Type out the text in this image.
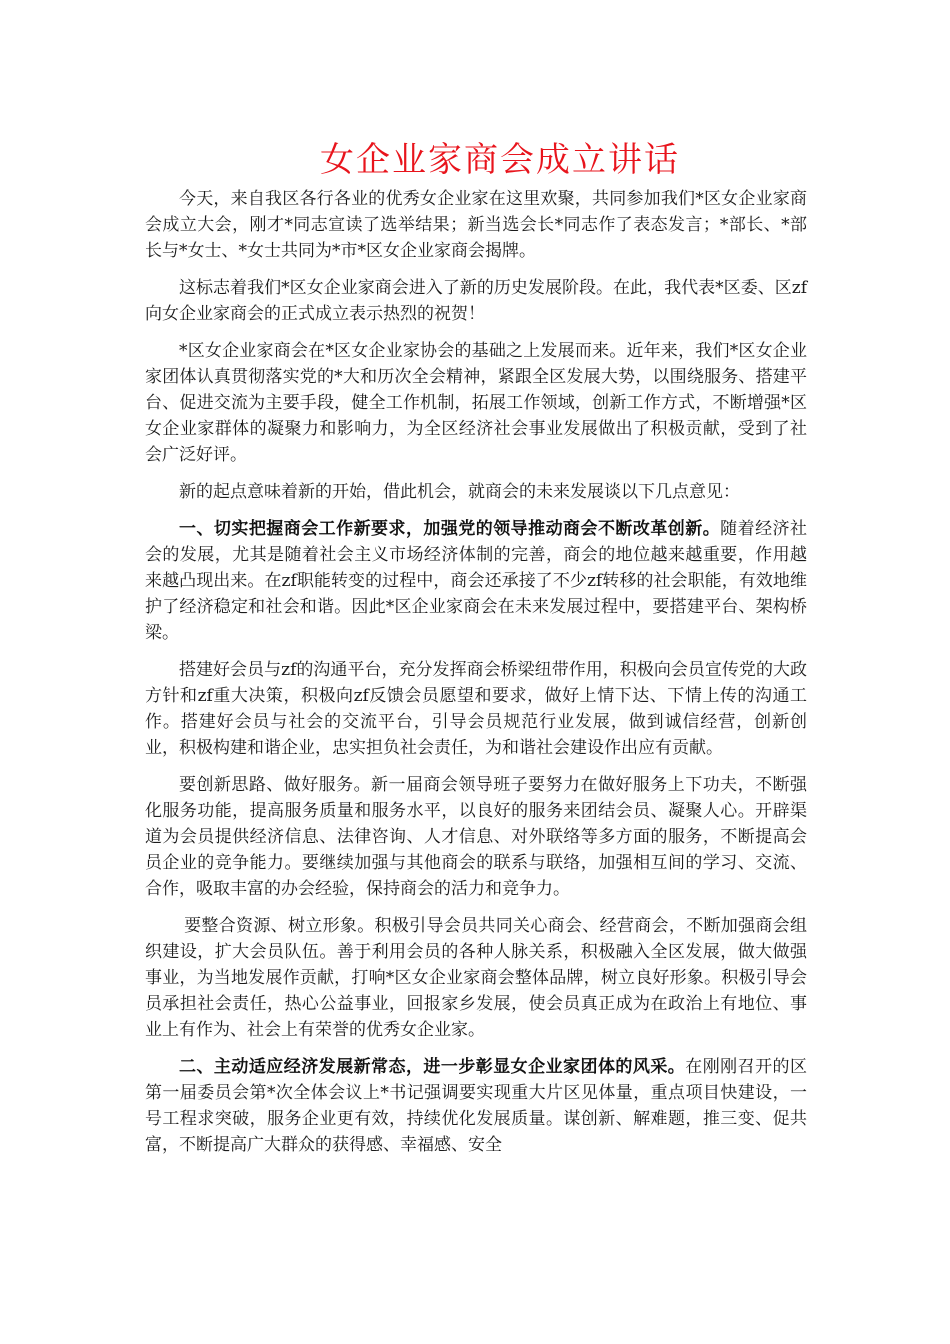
女企业家商会成立讲话

今天，来自我区各行各业的优秀女企业家在这里欢聚，共同参加我们*区女企业家商会成立大会，刚才*同志宣读了选举结果；新当选会长*同志作了表态发言；*部长、*部长与*女士、*女士共同为*市*区女企业家商会揭牌。

这标志着我们*区女企业家商会进入了新的历史发展阶段。在此，我代表*区委、区zf向女企业家商会的正式成立表示热烈的祝贺！

*区女企业家商会在*区女企业家协会的基础之上发展而来。近年来，我们*区女企业家团体认真贯彻落实党的*大和历次全会精神，紧跟全区发展大势，以围绕服务、搭建平台、促进交流为主要手段，健全工作机制，拓展工作领域，创新工作方式，不断增强*区女企业家群体的凝聚力和影响力，为全区经济社会事业发展做出了积极贡献，受到了社会广泛好评。

新的起点意味着新的开始，借此机会，就商会的未来发展谈以下几点意见：

一、切实把握商会工作新要求，加强党的领导推动商会不断改革创新。随着经济社会的发展，尤其是随着社会主义市场经济体制的完善，商会的地位越来越重要，作用越来越凸现出来。在zf职能转变的过程中，商会还承接了不少zf转移的社会职能，有效地维护了经济稳定和社会和谐。因此*区企业家商会在未来发展过程中，要搭建平台、架构桥梁。

搭建好会员与zf的沟通平台，充分发挥商会桥梁纽带作用，积极向会员宣传党的大政方针和zf重大决策，积极向zf反馈会员愿望和要求，做好上情下达、下情上传的沟通工作。搭建好会员与社会的交流平台，引导会员规范行业发展，做到诚信经营，创新创业，积极构建和谐企业，忠实担负社会责任，为和谐社会建设作出应有贡献。

要创新思路、做好服务。新一届商会领导班子要努力在做好服务上下功夫，不断强化服务功能，提高服务质量和服务水平，以良好的服务来团结会员、凝聚人心。开辟渠道为会员提供经济信息、法律咨询、人才信息、对外联络等多方面的服务，不断提高会员企业的竞争能力。要继续加强与其他商会的联系与联络，加强相互间的学习、交流、合作，吸取丰富的办会经验，保持商会的活力和竞争力。

要整合资源、树立形象。积极引导会员共同关心商会、经营商会，不断加强商会组织建设，扩大会员队伍。善于利用会员的各种人脉关系，积极融入全区发展，做大做强事业，为当地发展作贡献，打响*区女企业家商会整体品牌，树立良好形象。积极引导会员承担社会责任，热心公益事业，回报家乡发展，使会员真正成为在政治上有地位、事业上有作为、社会上有荣誉的优秀女企业家。

二、主动适应经济发展新常态，进一步彰显女企业家团体的风采。在刚刚召开的区第一届委员会第*次全体会议上*书记强调要实现重大片区见体量，重点项目快建设，一号工程求突破，服务企业更有效，持续优化发展质量。谋创新、解难题，推三变、促共富，不断提高广大群众的获得感、幸福感、安全
